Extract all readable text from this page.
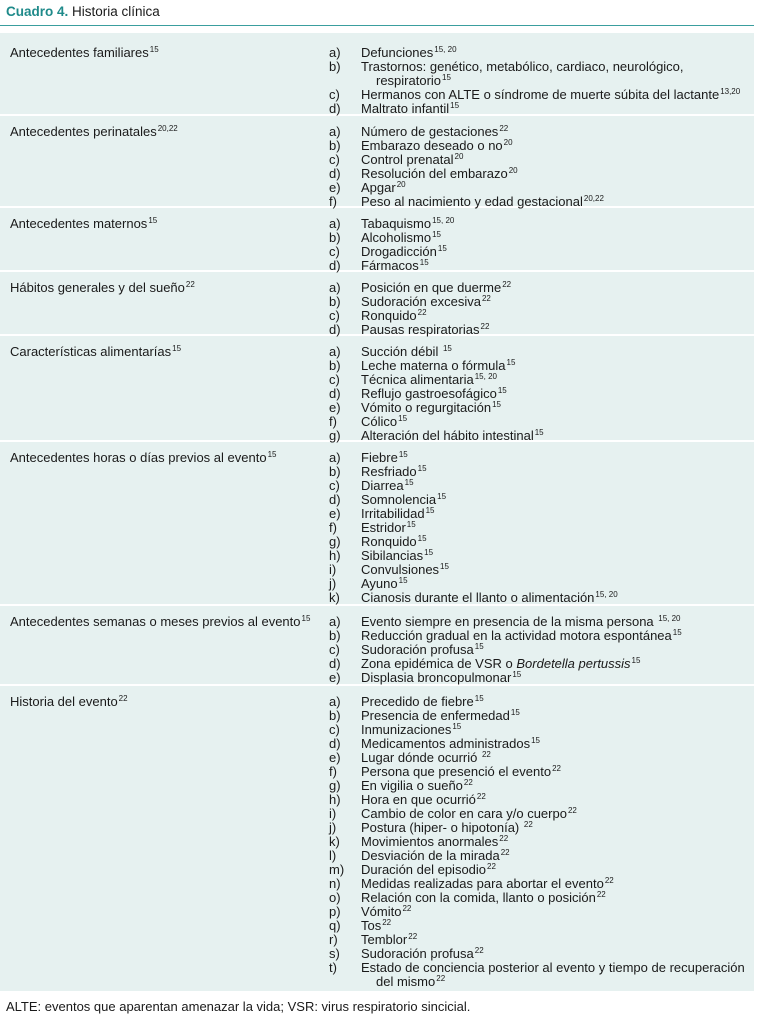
Cuadro 4. Historia clínica
Antecedentes familiares$^{15}$	a) Defunciones$^{15, 20}$
b) Trastornos: genético, metabólico, cardiaco, neurológico,
respiratorio$^{15}$
c) Hermanos con ALTE o síndrome de muerte súbita del lactante$^{13,20}$
d) Maltrato infantil$^{15}$
Antecedentes perinatales$^{20,22}$	a) Número de gestaciones$^{22}$
b) Embarazo deseado o $no^{20}$
c) Control prenatal$^{20}$
d) Resolución del embarazo$^{20}$
e) Apgar$^{20}$
f) Peso al nacimiento y edad gestacional$^{20,22}$
Antecedentes maternos$^{15}$	a) Tabaquismo$^{15, 20}$
b) Alcoholismo$^{15}$
c) Drogadicción$^{15}$
d) Fármacos$^{15}$
Hábitos generales y del sueño$^{22}$	a) Posición en que duerme$^{22}$
b) Sudoración excesiva$^{22}$
c) Ronquido$^{22}$
d) Pausas respiratorias$^{22}$
Características alimentarías$^{15}$	a) Succión débil $^{15}$
b) Leche materna o fórmula$^{15}$
c) Técnica alimentaria$^{15, 20}$
d) Reflujo gastroesofágico$^{15}$
e) Vómito o regurgitación$^{15}$
f) Cólico$^{15}$
g) Alteración del hábito intestinal$^{15}$
Antecedentes horas o días previos al evento$^{15}$	a) Fiebre$^{15}$
b) Resfriado$^{15}$
c) Diarrea$^{15}$
d) Somnolencia$^{15}$
e) Irritabilidad$^{15}$
f) Estridor$^{15}$
g) Ronquido$^{15}$
h) Sibilancias$^{15}$
i) Convulsiones$^{15}$
j) Ayuno$^{15}$
k) Cianosis durante el llanto o alimentación$^{15, 20}$
Antecedentes semanas o meses previos al evento$^{15}$ a) Evento siempre en presencia de la misma persona $^{15, 20}$
b) Reducción gradual en la actividad motora espontánea$^{15}$
c) Sudoración profusa$^{15}$
d) Zona epidémica de VSR o Bordetella pertussis$^{15}$
e) Displasia broncopulmonar$^{15}$
Historia del evento$^{22}$	a) Precedido de fiebre$^{15}$
b) Presencia de enfermedad$^{15}$
c) Inmunizaciones$^{15}$
d) Medicamentos administrados$^{15}$
e) Lugar dónde ocurrió $^{22}$
f) Persona que presenció el evento$^{22}$
g) En vigilia o sueño$^{22}$
h) Hora en que ocurrió$^{22}$
i) Cambio de color en cara y/o cuerpo$^{22}$
j) Postura (hiper- o hipotonía) $^{22}$
k) Movimientos anormales$^{22}$
l) Desviación de la mirada$^{22}$
m) Duración del episodio$^{22}$
n) Medidas realizadas para abortar el evento$^{22}$
o) Relación con la comida, llanto o posición$^{22}$
p) Vómito$^{22}$
q) Tos$^{22}$
r) Temblor$^{22}$
s) Sudoración profusa$^{22}$
t) Estado de conciencia posterior al evento y tiempo de recuperación
del mismo$^{22}$
ALTE: eventos que aparentan amenazar la vida; VSR: virus respiratorio sincicial.
